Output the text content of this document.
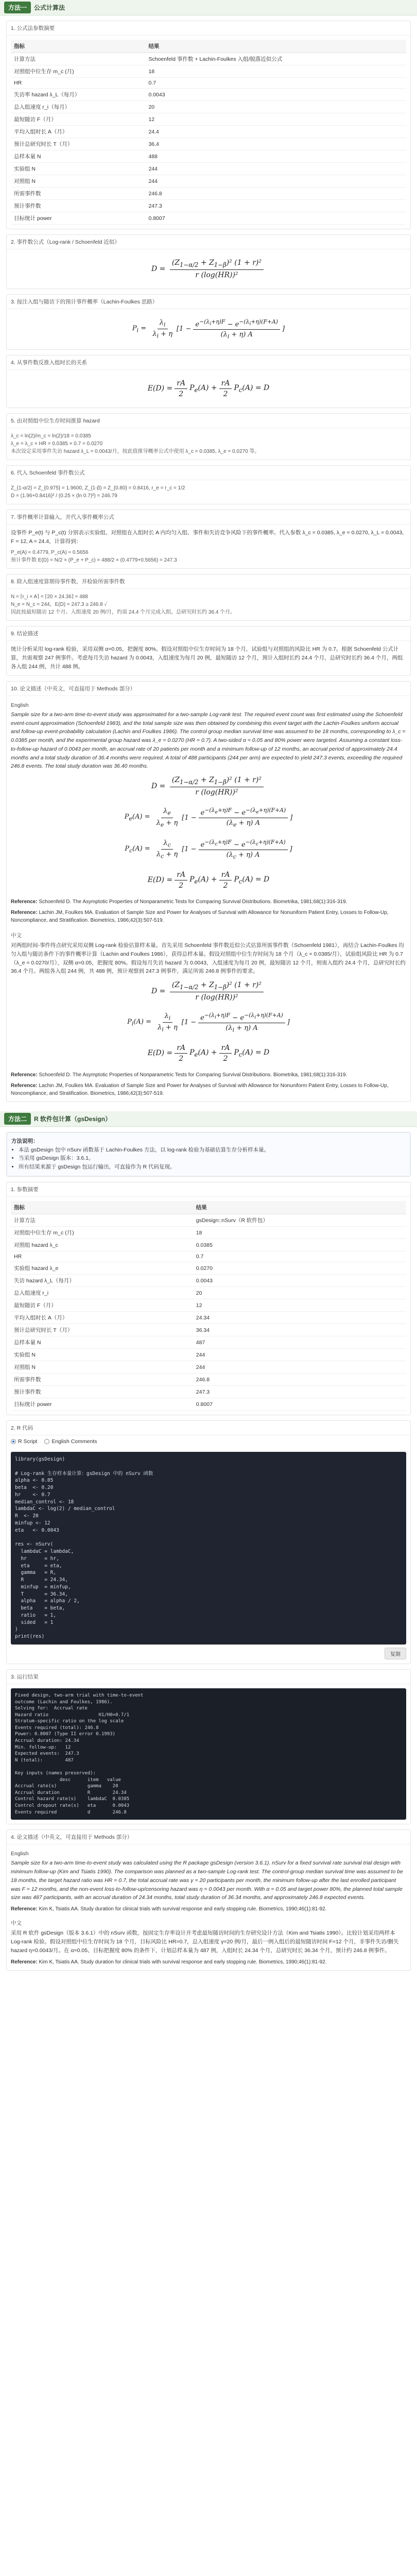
方法一	公式计算法
1. 公式法参数摘要
指标	结果
计算方法	Schoenfeld 事件数 + Lachin-Foulkes 入组/脱落近似公式
对照组中位生存 m_c (月)	18
HR	0.7
失访率 hazard λ_L（每月）	0.0043
总入组速度 r_i（每月）	20
最短随访 F（月）	12
平均入组时长 A（月）	24.4
预计总研究时长 T（月）	36.4
总样本量 N	488
实验组 N	244
对照组 N	244
所需事件数	246.8
预计事件数	247.3
目标统计 power	0.8007
2. 事件数公式（Log-rank / Schoenfeld 近似）
$D = \frac{(Z_{1-\alpha/2} + Z_{1-\beta})^2 (1 + r)^2}{\text{r (log(HR))²}}$
3. 按注入组与随访下的预计事件概率（Lachin-Foulkes 思路）
$P_i = \frac{\lambda_i}{\lambda_i + \eta} [1 - \frac{e^{-(\lambda_i+\eta)F} - e^{-(\lambda_i+\eta)(F+A)}}{(\lambda_i + \eta) A}$ ]
4. 从事件数反推入组时长的关系
$E(D) = \frac{rA}{2} P_e(A) + \frac{rA}{2} P_c(A) = D$
5. 由对照组中位生存时间推算 hazard
λ_c = ln(2)/m_c = ln(2)/18 = 0.0385
λ_e = λ_c × HR = 0.0385 × 0.7 = 0.0270
本次设定采用事件失访 hazard λ_L = 0.0043/月，按此值推导概率公式中使用 λ_c = 0.0385, λ_e = 0.0270 等。
6. 代入 Schoenfeld 事件数公式
Z_{1-α/2} = Z_{0.975} = 1.9600, Z_{1-β} = Z_{0.80} = 0.8416, r_e = r_c = 1/2
D = (1.96+0.8416)² / (0.25 × (ln 0.7)²) = 246.79
7. 事件概率计算输入，并代入事件概率公式
设事件 P_e(t) 与 P_c(t) 分别表示实验组、对照组在入组时长 A 内均匀入组、事件和失访竞争风险下的事件概率。代入参数 λ_c = 0.0385, λ_e = 0.0270, λ_L = 0.0043, F = 12, A = 24.4，计算得到：
P_e(A) ≈ 0.4779, P_c(A) ≈ 0.5656
预计事件数 E(D) = N/2 × (P_e + P_c) = 488/2 × (0.4779+0.5656) = 247.3
8. 除入组速度算期待事件数，并检验所需事件数
N = ⌈r_i × A⌉ = ⌈20 × 24.36⌉ = 488
N_e = N_c = 244，E(D) = 247.3 ≥ 246.8 ✓
因此按最短随访 12 个月、入组速度 20 例/月，约需 24.4 个月完成入组，总研究时长约 36.4 个月。
9. 结论描述
统计分析采用 log-rank 检验，采用双侧 α=0.05，把握度 80%。假设对照组中位生存时间为 18 个月，试验组与对照组的风险比 HR 为 0.7。根据 Schoenfeld 公式计算，共需观察 247 例事件。考虑每月失访 hazard 为 0.0043，入组速度为每月 20 例，最短随访 12 个月，预计入组时长约 24.4 个月，总研究时长约 36.4 个月，两组各入组 244 例，共计 488 例。
10. 论文描述（中英文，可直接用于 Methods 部分）
English
Sample size for a two-arm time-to-event study was approximated for a two-sample Log-rank test. The required event count was first estimated using the Schoenfeld event-count approximation (Schoenfeld 1983), and the total sample size was then obtained by combining this event target with the Lachin-Foulkes uniform accrual and follow-up event-probability calculation (Lachin and Foulkes 1986). The control group median survival time was assumed to be 18 months, corresponding to λ_c = 0.0385 per month, and the experimental group hazard was λ_e = 0.0270 (HR = 0.7). A two-sided α = 0.05 and 80% power were targeted. Assuming a constant loss-to-follow-up hazard of 0.0043 per month, an accrual rate of 20 patients per month and a minimum follow-up of 12 months, an accrual period of approximately 24.4 months and a total study duration of 36.4 months were required. A total of 488 participants (244 per arm) are expected to yield 247.3 events, exceeding the required 246.8 events. The total study duration was 36.40 months.
$D = \frac{(Z_{1-\alpha/2} + Z_{1-\beta})^2 (1 + r)^2}{\text{r (log(HR))²}}$
$P_e(A) = \frac{\lambda_e}{\lambda_e + \eta} [1 - \frac{e^{-(\lambda_e+\eta)F} - e^{-(\lambda_e+\eta)(F+A)}}{(\lambda_e + \eta) A}$ ]
$P_c(A) = \frac{\lambda_c}{\lambda_c + \eta} [1 - \frac{e^{-(\lambda_c+\eta)F} - e^{-(\lambda_c+\eta)(F+A)}}{(\lambda_c + \eta) A}$ ]
$E(D) = \frac{rA}{2} P_e(A) + \frac{rA}{2} P_c(A) = D$
Reference: Schoenfeld D. The Asymptotic Properties of Nonparametric Tests for Comparing Survival Distributions. Biometrika, 1981;68(1):316-319.
Reference: Lachin JM, Foulkes MA. Evaluation of Sample Size and Power for Analyses of Survival with Allowance for Nonuniform Patient Entry, Losses to Follow-Up, Noncompliance, and Stratification. Biometrics, 1986;42(3):507-519.
中文
对两组时间-事件终点研究采用双侧 Log-rank 检验估算样本量。首先采用 Schoenfeld 事件数近似公式估算所需事件数（Schoenfeld 1981），再结合 Lachin-Foulkes 均匀入组与随访条件下的事件概率计算（Lachin and Foulkes 1986），获得总样本量。假设对照组中位生存时间为 18 个月（λ_c = 0.0385/月），试验组风险比 HR 为 0.7（λ_e = 0.0270/月），双侧 α=0.05，把握度 80%。假设每月失访 hazard 为 0.0043，入组速度为每月 20 例，最短随访 12 个月，则需入组约 24.4 个月，总研究时长约 36.4 个月。两组各入组 244 例，共 488 例，预计观察到 247.3 例事件，满足所需 246.8 例事件的要求。
$D = \frac{(Z_{1-\alpha/2} + Z_{1-\beta})^2 (1 + r)^2}{\text{r (log(HR))²}}$
$P_i(A) = \frac{\lambda_i}{\lambda_i + \eta} [1 - \frac{e^{-(\lambda_i+\eta)F} - e^{-(\lambda_i+\eta)(F+A)}}{(\lambda_i + \eta) A}$ ]
$E(D) = \frac{rA}{2} P_e(A) + \frac{rA}{2} P_c(A) = D$
Reference: Schoenfeld D. The Asymptotic Properties of Nonparametric Tests for Comparing Survival Distributions. Biometrika, 1981;68(1):316-319.
Reference: Lachin JM, Foulkes MA. Evaluation of Sample Size and Power for Analyses of Survival with Allowance for Nonuniform Patient Entry, Losses to Follow-Up, Noncompliance, and Stratification. Biometrics, 1986;42(3):507-519.
方法二	R 软件包计算（gsDesign）
方法说明：
• 本法 gsDesign 包中 nSurv 函数基于 Lachin-Foulkes 方法，以 log-rank 检验为基础估算生存分析样本量。
• 当采用 gsDesign 版本：3.6.1。
• 所有结果来源于 gsDesign 包运行输出，可直接作为 R 代码复现。
1. 参数摘要
指标	结果
计算方法	gsDesign::nSurv（R 软件包）
对照组中位生存 m_c (月)	18
对照组 hazard λ_c	0.0385
HR	0.7
实验组 hazard λ_e	0.0270
失访 hazard λ_L（每月）	0.0043
总入组速度 r_i	20
最短随访 F（月）	12
平均入组时长 A（月）	24.34
预计总研究时长 T（月）	36.34
总样本量 N	487
实验组 N	244
对照组 N	244
所需事件数	246.8
预计事件数	247.3
目标统计 power	0.8007
2. R 代码
R Script	English Comments
library(gsDesign)

# Log-rank 生存样本量计算：gsDesign 中的 nSurv 函数
alpha <- 0.05
beta  <- 0.20
hr    <- 0.7
median_control <- 18
lambdaC <- log(2) / median_control
R  <- 20
minfup <- 12
eta   <- 0.0043

res <- nSurv(
lambdaC = lambdaC,
hr      = hr,
eta     = eta,
gamma   = R,
R       = 24.34,
minfup  = minfup,
T       = 36.34,
alpha   = alpha / 2,
beta    = beta,
ratio   = 1,
sided   = 1
)
print(res)
复制
3. 运行结果
Fixed design, two-arm trial with time-to-event
outcome (Lachin and Foulkes, 1986).
Solving for:  Accrual rate
Hazard ratio                  H1/H0=0.7/1
Stratum-specific ratio on the log scale
Events required (total): 246.8
Power: 0.8007 (Type II error 0.1993)
Accrual duration: 24.34
Min. follow-up:   12
Expected events:  247.3
N (total):        487

Key inputs (names preserved):
desc      item   value
Accrual rate(s)           gamma    20
Accrual duration          R        24.34
Control hazard rate(s)    lambdaC  0.0385
Control dropout rate(s)   eta      0.0043
Events required           d        246.8
4. 论文描述（中英文，可直接用于 Methods 部分）
English
Sample size for a two-arm time-to-event study was calculated using the R package gsDesign (version 3.6.1). nSurv for a fixed survival rate survival trial design with minimum follow-up (Kim and Tsiatis 1990). The comparison was planned as a two-sample Log-rank test. The control-group median survival time was assumed to be 18 months, the target hazard ratio was HR = 0.7, the total accrual rate was γ = 20 participants per month, the minimum follow-up after the last enrolled participant was F = 12 months, and the non-event loss-to-follow-up/censoring hazard was η = 0.0043 per month. With α = 0.05 and target power 80%, the planned total sample size was 487 participants, with an accrual duration of 24.34 months, total study duration of 36.34 months, and approximately 246.8 expected events.
Reference: Kim K, Tsiatis AA. Study duration for clinical trials with survival response and early stopping rule. Biometrics, 1990;46(1):81-92.
中文
采用 R 软件 gsDesign（版本 3.6.1）中的 nSurv 函数，按固定生存率设计并考虑最短随访时间的生存研究设计方法（Kim and Tsiatis 1990）。比较计划采用两样本 Log-rank 检验。假设对照组中位生存时间为 18 个月，目标风险比 HR=0.7，总入组速度 γ=20 例/月，最后一例入组后的最短随访时间 F=12 个月，非事件失访/删失 hazard η=0.0043/月。在 α=0.05、目标把握度 80% 的条件下，计划总样本量为 487 例，入组时长 24.34 个月，总研究时长 36.34 个月，预计约 246.8 例事件。
Reference: Kim K, Tsiatis AA. Study duration for clinical trials with survival response and early stopping rule. Biometrics, 1990;46(1):81-92.
